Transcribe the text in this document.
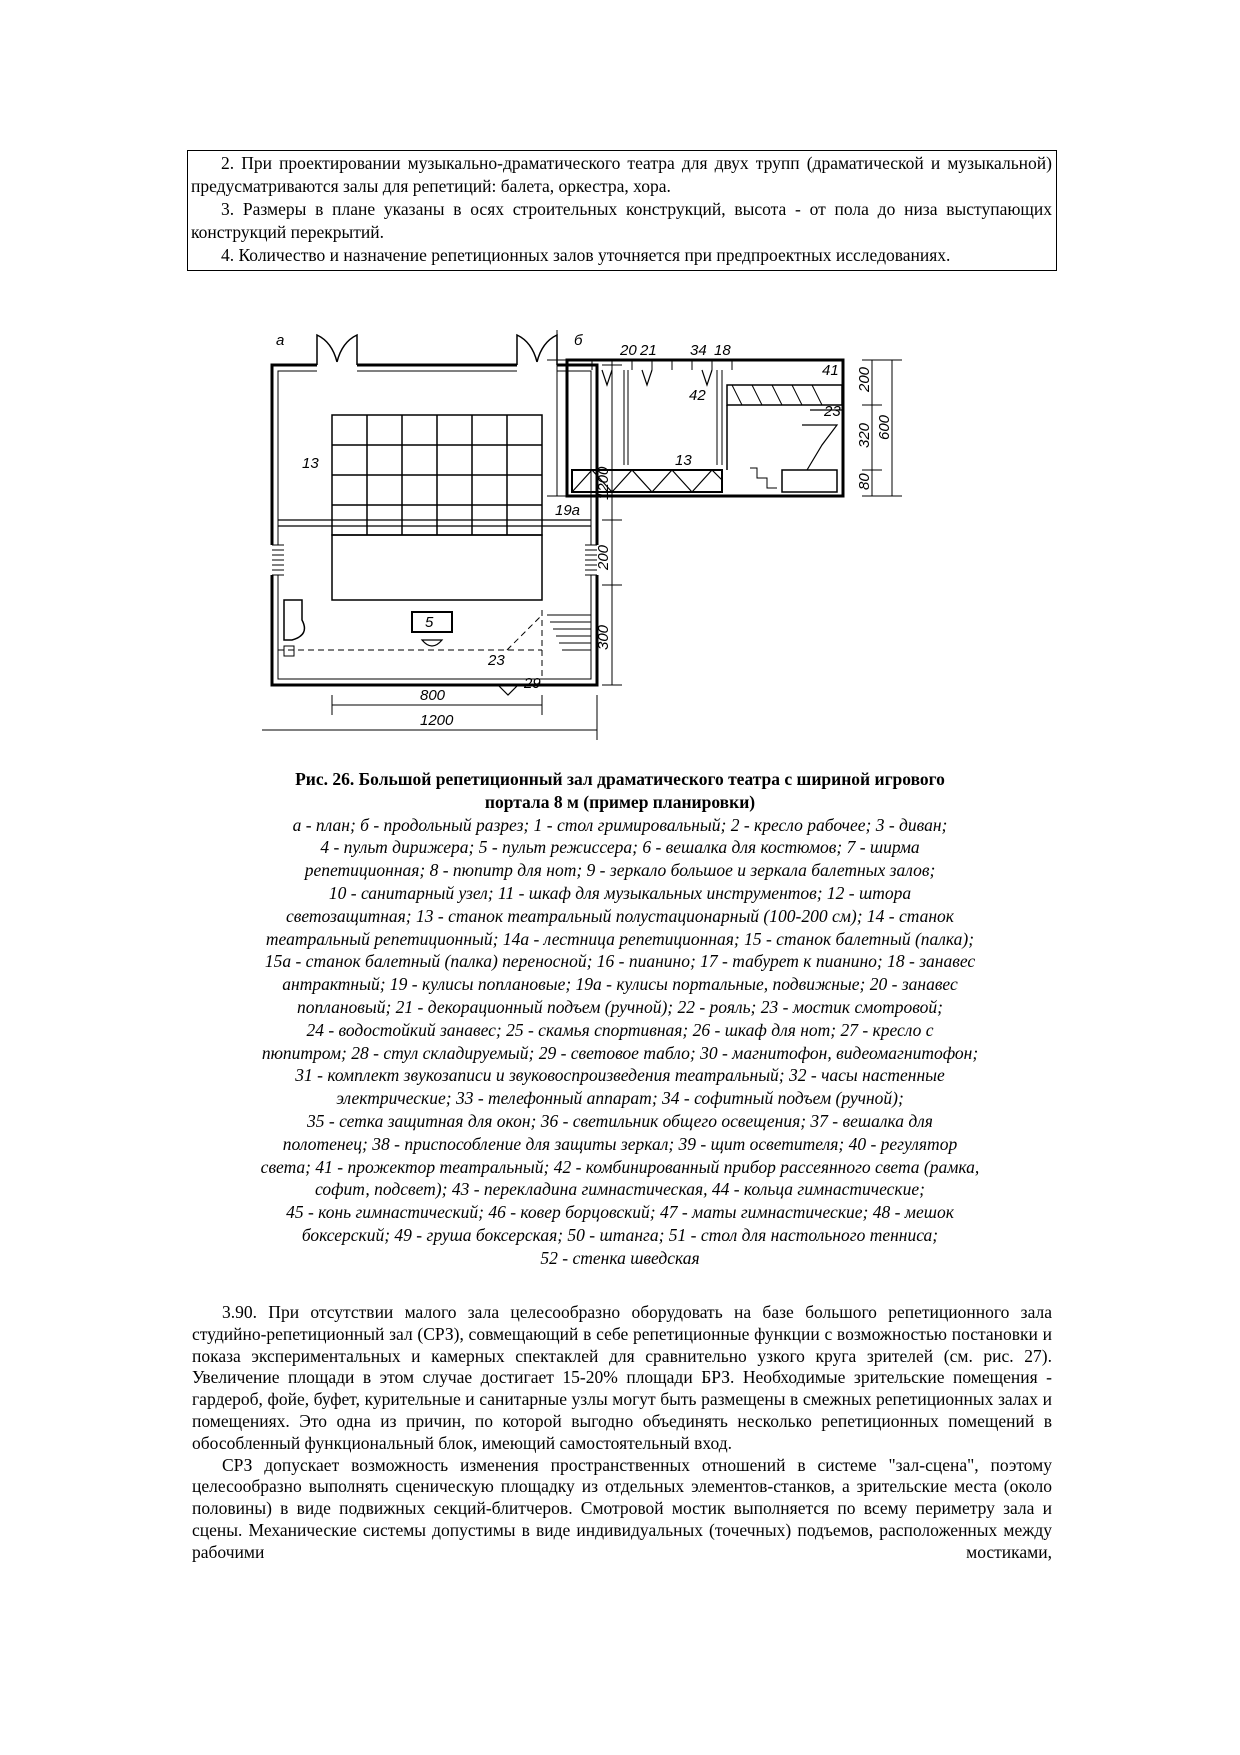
2. При проектировании музыкально-драматического театра для двух трупп (драматической и музыкальной) предусматриваются залы для репетиций: балета, оркестра, хора.

3. Размеры в плане указаны в осях строительных конструкций, высота - от пола до низа выступающих конструкций перекрытий.

4. Количество и назначение репетиционных залов уточняется при предпроектных исследованиях.

а
13
19а
5
23
29
800
1200
1200
200
300
б
20 21 34 18
41
42
23
13
200
320
80
600
Рис. 26. Большой репетиционный зал драматического театра с шириной игрового
портала 8 м (пример планировки)
а - план; б - продольный разрез; 1 - стол гримировальный; 2 - кресло рабочее; 3 - диван;
4 - пульт дирижера; 5 - пульт режиссера; 6 - вешалка для костюмов; 7 - ширма
репетиционная; 8 - пюпитр для нот; 9 - зеркало большое и зеркала балетных залов;
10 - санитарный узел; 11 - шкаф для музыкальных инструментов; 12 - штора
светозащитная; 13 - станок театральный полустационарный (100-200 см); 14 - станок
театральный репетиционный; 14а - лестница репетиционная; 15 - станок балетный (палка);
15а - станок балетный (палка) переносной; 16 - пианино; 17 - табурет к пианино; 18 - занавес
антрактный; 19 - кулисы поплановые; 19а - кулисы портальные, подвижные; 20 - занавес
поплановый; 21 - декорационный подъем (ручной); 22 - рояль; 23 - мостик смотровой;
24 - водостойкий занавес; 25 - скамья спортивная; 26 - шкаф для нот; 27 - кресло с
пюпитром; 28 - стул складируемый; 29 - световое табло; 30 - магнитофон, видеомагнитофон;
31 - комплект звукозаписи и звуковоспроизведения театральный; 32 - часы настенные
электрические; 33 - телефонный аппарат; 34 - софитный подъем (ручной);
35 - сетка защитная для окон; 36 - светильник общего освещения; 37 - вешалка для
полотенец; 38 - приспособление для защиты зеркал; 39 - щит осветителя; 40 - регулятор
света; 41 - прожектор театральный; 42 - комбинированный прибор рассеянного света (рамка,
софит, подсвет); 43 - перекладина гимнастическая, 44 - кольца гимнастические;
45 - конь гимнастический; 46 - ковер борцовский; 47 - маты гимнастические; 48 - мешок
боксерский; 49 - груша боксерская; 50 - штанга; 51 - стол для настольного тенниса;
52 - стенка шведская

3.90. При отсутствии малого зала целесообразно оборудовать на базе большого репетиционного зала студийно-репетиционный зал (СРЗ), совмещающий в себе репетиционные функции с возможностью постановки и показа экспериментальных и камерных спектаклей для сравнительно узкого круга зрителей (см. рис. 27). Увеличение площади в этом случае достигает 15-20% площади БРЗ. Необходимые зрительские помещения - гардероб, фойе, буфет, курительные и санитарные узлы могут быть размещены в смежных репетиционных залах и помещениях. Это одна из причин, по которой выгодно объединять несколько репетиционных помещений в обособленный функциональный блок, имеющий самостоятельный вход.

СРЗ допускает возможность изменения пространственных отношений в системе "зал-сцена", поэтому целесообразно выполнять сценическую площадку из отдельных элементов-станков, а зрительские места (около половины) в виде подвижных секций-блитчеров. Смотровой мостик выполняется по всему периметру зала и сцены. Механические системы допустимы в виде индивидуальных (точечных) подъемов, расположенных между рабочими мостиками,
